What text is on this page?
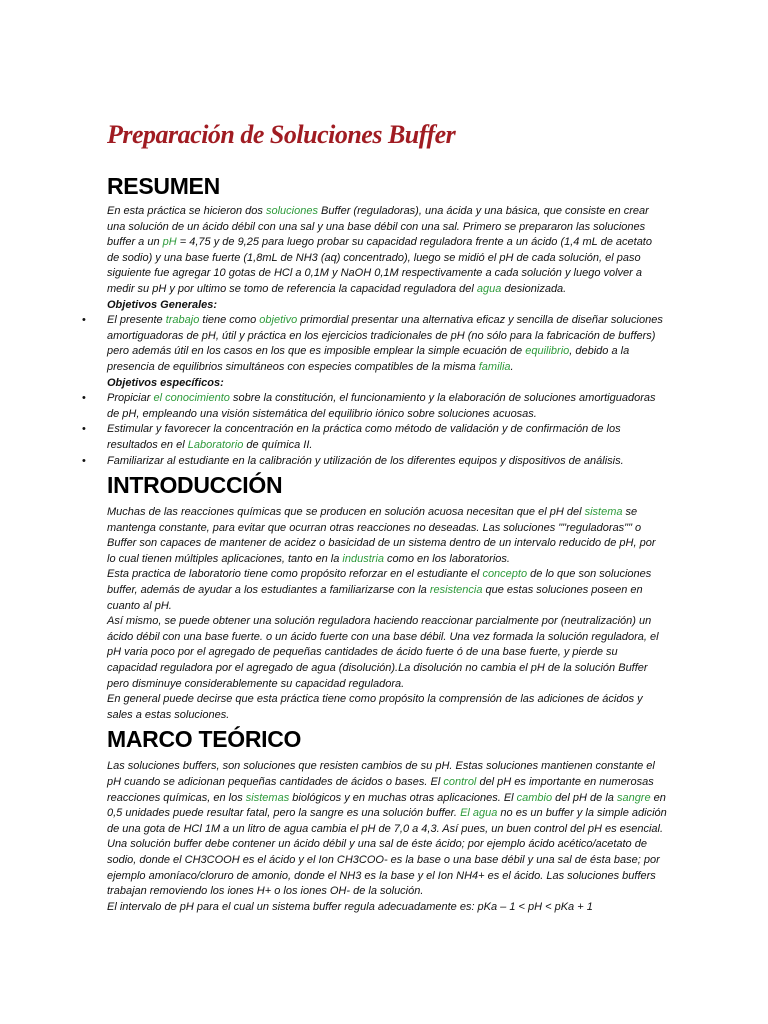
Preparación de Soluciones Buffer
RESUMEN

En esta práctica se hicieron dos soluciones Buffer (reguladoras), una ácida y una básica, que consiste en crear una solución de un ácido débil con una sal y una base débil con una sal. Primero se prepararon las soluciones buffer a un pH = 4,75 y de 9,25 para luego probar su capacidad reguladora frente a un ácido (1,4 mL de acetato de sodio) y una base fuerte (1,8mL de NH3 (aq) concentrado), luego se midió el pH de cada solución, el paso siguiente fue agregar 10 gotas de HCl a 0,1M y NaOH 0,1M respectivamente a cada solución y luego volver a medir su pH y por ultimo se tomo de referencia la capacidad reguladora del agua desionizada.

Objetivos Generales:

• El presente trabajo tiene como objetivo primordial presentar una alternativa eficaz y sencilla de diseñar soluciones amortiguadoras de pH, útil y práctica en los ejercicios tradicionales de pH (no sólo para la fabricación de buffers) pero además útil en los casos en los que es imposible emplear la simple ecuación de equilibrio, debido a la presencia de equilibrios simultáneos con especies compatibles de la misma familia.

Objetivos específicos:

• Propiciar el conocimiento sobre la constitución, el funcionamiento y la elaboración de soluciones amortiguadoras de pH, empleando una visión sistemática del equilibrio iónico sobre soluciones acuosas.
• Estimular y favorecer la concentración en la práctica como método de validación y de confirmación de los resultados en el Laboratorio de química II.
• Familiarizar al estudiante en la calibración y utilización de los diferentes equipos y dispositivos de análisis.
INTRODUCCIÓN

Muchas de las reacciones químicas que se producen en solución acuosa necesitan que el pH del sistema se mantenga constante, para evitar que ocurran otras reacciones no deseadas. Las soluciones ""reguladoras"" o Buffer son capaces de mantener de acidez o basicidad de un sistema dentro de un intervalo reducido de pH, por lo cual tienen múltiples aplicaciones, tanto en la industria como en los laboratorios.

Esta practica de laboratorio tiene como propósito reforzar en el estudiante el concepto de lo que son soluciones buffer, además de ayudar a los estudiantes a familiarizarse con la resistencia que estas soluciones poseen en cuanto al pH.

Así mismo, se puede obtener una solución reguladora haciendo reaccionar parcialmente por (neutralización) un ácido débil con una base fuerte. o un ácido fuerte con una base débil. Una vez formada la solución reguladora, el pH varia poco por el agregado de pequeñas cantidades de ácido fuerte ó de una base fuerte, y pierde su capacidad reguladora por el agregado de agua (disolución).La disolución no cambia el pH de la solución Buffer pero disminuye considerablemente su capacidad reguladora.

En general puede decirse que esta práctica tiene como propósito la comprensión de las adiciones de ácidos y sales a estas soluciones.

MARCO TEÓRICO

Las soluciones buffers, son soluciones que resisten cambios de su pH. Estas soluciones mantienen constante el pH cuando se adicionan pequeñas cantidades de ácidos o bases. El control del pH es importante en numerosas reacciones químicas, en los sistemas biológicos y en muchas otras aplicaciones. El cambio del pH de la sangre en 0,5 unidades puede resultar fatal, pero la sangre es una solución buffer. El agua no es un buffer y la simple adición de una gota de HCl 1M a un litro de agua cambia el pH de 7,0 a 4,3. Así pues, un buen control del pH es esencial.

Una solución buffer debe contener un ácido débil y una sal de éste ácido; por ejemplo ácido acético/acetato de sodio, donde el CH3COOH es el ácido y el Ion CH3COO- es la base o una base débil y una sal de ésta base; por ejemplo amoníaco/cloruro de amonio, donde el NH3 es la base y el Ion NH4+ es el ácido. Las soluciones buffers trabajan removiendo los iones H+ o los iones OH- de la solución.

El intervalo de pH para el cual un sistema buffer regula adecuadamente es: pKa – 1 < pH < pKa + 1
